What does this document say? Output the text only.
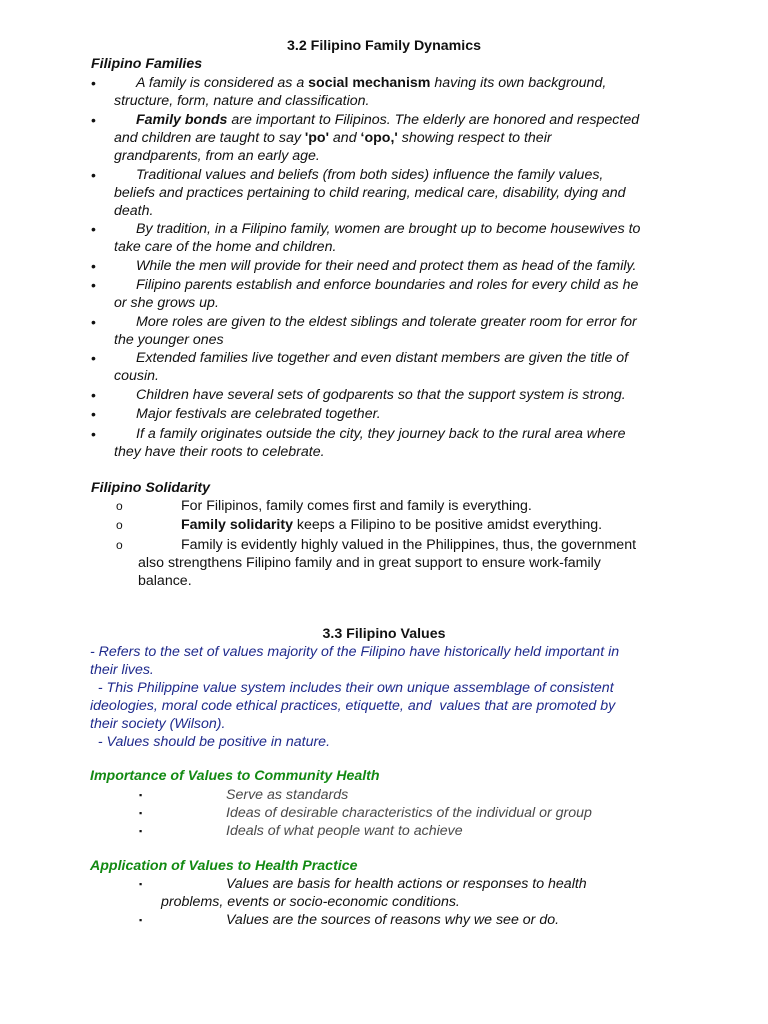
3.2 Filipino Family Dynamics
Filipino Families
•	A family is considered as a social mechanism having its own background,
structure, form, nature and classification.
•	Family bonds are important to Filipinos. The elderly are honored and respected
and children are taught to say 'po' and ‘opo,' showing respect to their
grandparents, from an early age.
•	Traditional values and beliefs (from both sides) influence the family values,
beliefs and practices pertaining to child rearing, medical care, disability, dying and
death.
•	By tradition, in a Filipino family, women are brought up to become housewives to
take care of the home and children.
•	While the men will provide for their need and protect them as head of the family.
•	Filipino parents establish and enforce boundaries and roles for every child as he
or she grows up.
•	More roles are given to the eldest siblings and tolerate greater room for error for
the younger ones
•	Extended families live together and even distant members are given the title of
cousin.
•	Children have several sets of godparents so that the support system is strong.
•	Major festivals are celebrated together.
•	If a family originates outside the city, they journey back to the rural area where
they have their roots to celebrate.
Filipino Solidarity
o	For Filipinos, family comes first and family is everything.
o	Family solidarity keeps a Filipino to be positive amidst everything.
o	Family is evidently highly valued in the Philippines, thus, the government
also strengthens Filipino family and in great support to ensure work-family
balance.
3.3 Filipino Values
- Refers to the set of values majority of the Filipino have historically held important in
their lives.
- This Philippine value system includes their own unique assemblage of consistent
ideologies, moral code ethical practices, etiquette, and  values that are promoted by
their society (Wilson).
- Values should be positive in nature.
Importance of Values to Community Health
▪	Serve as standards
▪	Ideas of desirable characteristics of the individual or group
▪	Ideals of what people want to achieve
Application of Values to Health Practice
▪	Values are basis for health actions or responses to health
problems, events or socio-economic conditions.
▪	Values are the sources of reasons why we see or do.
